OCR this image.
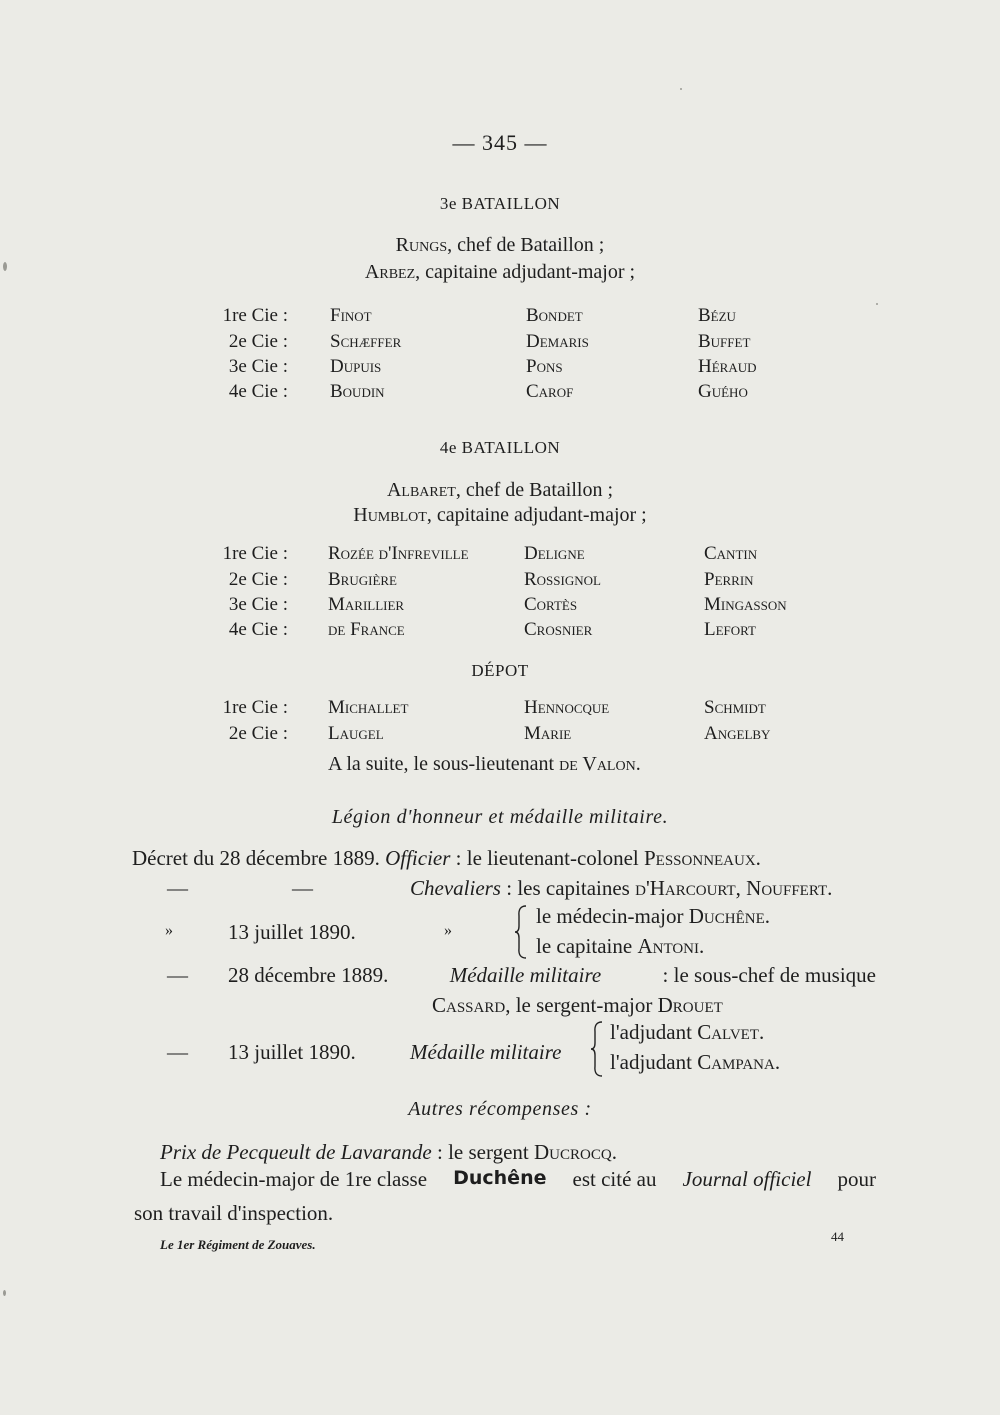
— 345 —
3e BATAILLON
Rungs, chef de Bataillon ;
Arbez, capitaine adjudant-major ;
1re Cie : Finot	Bondet	Bézu
2e Cie : Schæffer	Demaris	Buffet
3e Cie : Dupuis	Pons	Héraud
4e Cie : Boudin	Carof	Guého
4e BATAILLON
Albaret, chef de Bataillon ;
Humblot, capitaine adjudant-major ;
1re Cie : Rozée d'Infreville	Deligne	Cantin
2e Cie : Brugière	Rossignol	Perrin
3e Cie : Marillier	Cortès	Mingasson
4e Cie : de France	Crosnier	Lefort
DÉPOT
1re Cie : Michallet	Hennocque	Schmidt
2e Cie : Laugel	Marie	Angelby
A la suite, le sous-lieutenant de Valon.
Légion d'honneur et médaille militaire.
Décret du 28 décembre 1889. Officier : le lieutenant-colonel Pessonneaux.
—	—	Chevaliers : les capitaines d'Harcourt, Nouffert.
»	13 juillet 1890.	»
le médecin-major Duchêne.
le capitaine Antoni.
— 28 décembre 1889.	Médaille militaire	: le sous-chef de musique
Cassard, le sergent-major Drouet
— 13 juillet 1890.	Médaille militaire
l'adjudant Calvet.
l'adjudant Campana.
Autres récompenses :
Prix de Pecqueult de Lavarande : le sergent Ducrocq.
Le médecin-major de 1re classe Duchêne est cité au Journal officiel pour
son travail d'inspection.
Le 1er Régiment de Zouaves.
44
